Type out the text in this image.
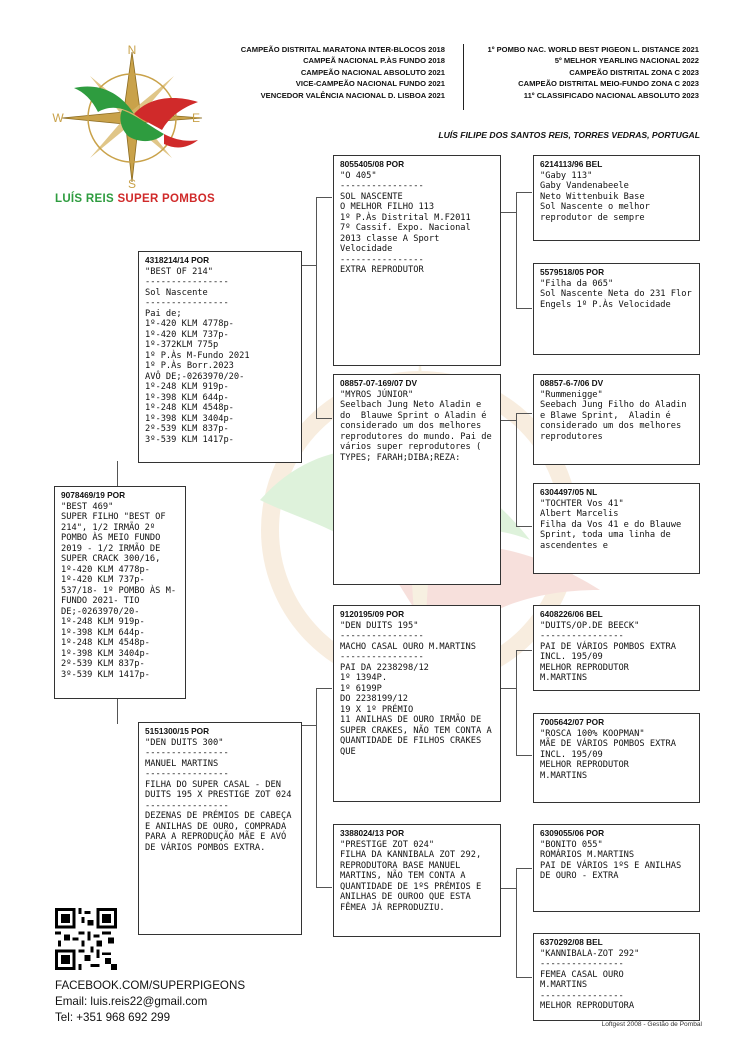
N
S
W	E
LUÍS REIS SUPER POMBOS
CAMPEÃO DISTRITAL MARATONA INTER-BLOCOS 2018
CAMPEÃ NACIONAL P.ÀS FUNDO 2018
CAMPEÃO NACIONAL ABSOLUTO 2021
VICE-CAMPEÃO NACIONAL FUNDO 2021
VENCEDOR VALÊNCIA NACIONAL D. LISBOA 2021
1º POMBO NAC. WORLD BEST PIGEON L. DISTANCE 2021
5º MELHOR YEARLING NACIONAL 2022
CAMPEÃO DISTRITAL ZONA C 2023
CAMPEÃO DISTRITAL MEIO-FUNDO ZONA C 2023
11º CLASSIFICADO NACIONAL ABSOLUTO 2023
LUÍS FILIPE DOS SANTOS REIS, TORRES VEDRAS, PORTUGAL
9078469/19 POR
"BEST 469"
SUPER FILHO "BEST OF 214", 1/2 IRMÃO 2º POMBO ÀS MEIO FUNDO 2019 - 1/2 IRMÃO DE SUPER CRACK 300/16,
1º-420 KLM 4778p-
1º-420 KLM 737p-
537/18- 1º POMBO ÀS M-FUNDO 2021- TIO DE;-0263970/20-
1º-248 KLM 919p-
1º-398 KLM 644p-
1º-248 KLM 4548p-
1º-398 KLM 3404p-
2º-539 KLM 837p-
3º-539 KLM 1417p-
4318214/14 POR
"BEST OF 214"
----------------
Sol Nascente
----------------
Pai de;
1º-420 KLM 4778p-
1º-420 KLM 737p-
1º-372KLM 775p
1º P.Às M-Fundo 2021
1º P.Às Borr.2023
AVÔ DE;-0263970/20-
1º-248 KLM 919p-
1º-398 KLM 644p-
1º-248 KLM 4548p-
1º-398 KLM 3404p-
2º-539 KLM 837p-
3º-539 KLM 1417p-
5151300/15 POR
"DEN DUITS 300"
----------------
MANUEL MARTINS
----------------
FILHA DO SUPER CASAL - DEN DUITS 195 X PRESTIGE ZOT 024
----------------
DEZENAS DE PRÉMIOS DE CABEÇA E ANILHAS DE OURO, COMPRADA PARA A REPRODUÇÃO MÃE E AVÓ DE VÁRIOS POMBOS EXTRA.
8055405/08 POR
"O 405"
----------------
SOL NASCENTE
O MELHOR FILHO 113
1º P.Às Distrital M.F2011
7º Cassif. Expo. Nacional
2013 classe A Sport Velocidade
----------------
EXTRA REPRODUTOR
08857-07-169/07 DV
"MYROS JÚNIOR"
Seelbach Jung Neto Aladin e do  Blauwe Sprint o Aladin é considerado um dos melhores reprodutores do mundo. Pai de vários super reprodutores ( TYPES; FARAH;DIBA;REZA:
9120195/09 POR
"DEN DUITS 195"
----------------
MACHO CASAL OURO M.MARTINS
----------------
PAI DA 2238298/12
1º 1394P.
1º 6199P
DO 2238199/12
19 X 1º PRÉMIO
11 ANILHAS DE OURO IRMÃO DE SUPER CRAKES, NÃO TEM CONTA A QUANTIDADE DE FILHOS CRAKES QUE
3388024/13 POR
"PRESTIGE ZOT 024"
FILHA DA KANNIBALA ZOT 292, REPRODUTORA BASE MANUEL MARTINS, NÃO TEM CONTA A QUANTIDADE DE 1ºS PRÉMIOS E ANILHAS DE OUROO QUE ESTA FÊMEA JÁ REPRODUZIU.
6214113/96 BEL
"Gaby 113"
Gaby Vandenabeele
Neto Wittenbuik Base
Sol Nascente o melhor reprodutor de sempre
5579518/05 POR
"Filha da 065"
Sol Nascente Neta do 231 Flor Engels 1º P.Às Velocidade
08857-6-7/06 DV
"Rummenigge"
Seebach Jung Filho do Aladin e Blawe Sprint,  Aladin é considerado um dos melhores reprodutores
6304497/05 NL
"TOCHTER Vos 41"
Albert Marcelis
Filha da Vos 41 e do Blauwe Sprint, toda uma linha de ascendentes e
6408226/06 BEL
"DUITS/OP.DE BEECK"
----------------
PAI DE VÁRIOS POMBOS EXTRA INCL. 195/09
MELHOR REPRODUTOR
M.MARTINS
7005642/07 POR
"ROSCA 100% KOOPMAN"
MÃE DE VÁRIOS POMBOS EXTRA INCL. 195/09
MELHOR REPRODUTOR
M.MARTINS
6309055/06 POR
"BONITO 055"
ROMÁRIOS M.MARTINS
PAI DE VÁRIOS 1ºS E ANILHAS DE OURO - EXTRA
6370292/08 BEL
"KANNIBALA-ZOT 292"
----------------
FEMEA CASAL OURO
M.MARTINS
----------------
MELHOR REPRODUTORA
FACEBOOK.COM/SUPERPIGEONS
Email: luis.reis22@gmail.com
Tel: +351 968 692 299
Loftgest 2008 - Gestão de Pombal
